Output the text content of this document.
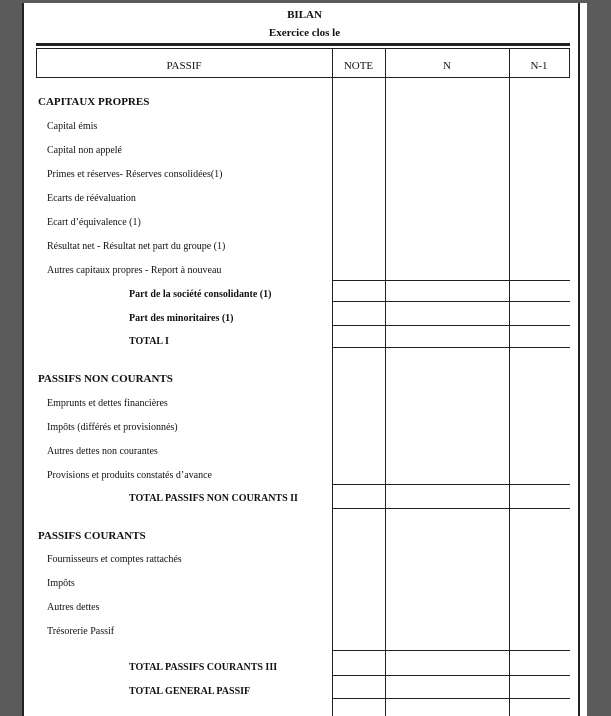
BILAN
Exercice clos le
PASSIF	NOTE	N	N-1
CAPITAUX PROPRES
Capital émis
Capital non appelé
Primes et réserves- Réserves consolidées(1)
Ecarts de réévaluation
Ecart d’équivalence (1)
Résultat net - Résultat net part du groupe (1)
Autres capitaux propres - Report à nouveau
Part de la société consolidante (1)
Part des minoritaires (1)
TOTAL I
PASSIFS NON COURANTS
Emprunts et dettes financières
Impôts (différés et provisionnés)
Autres dettes non courantes
Provisions et produits constatés d’avance
TOTAL PASSIFS NON COURANTS II
PASSIFS COURANTS
Fournisseurs et comptes rattachés
Impôts
Autres dettes
Trésorerie Passif
TOTAL PASSIFS COURANTS III
TOTAL GENERAL PASSIF
